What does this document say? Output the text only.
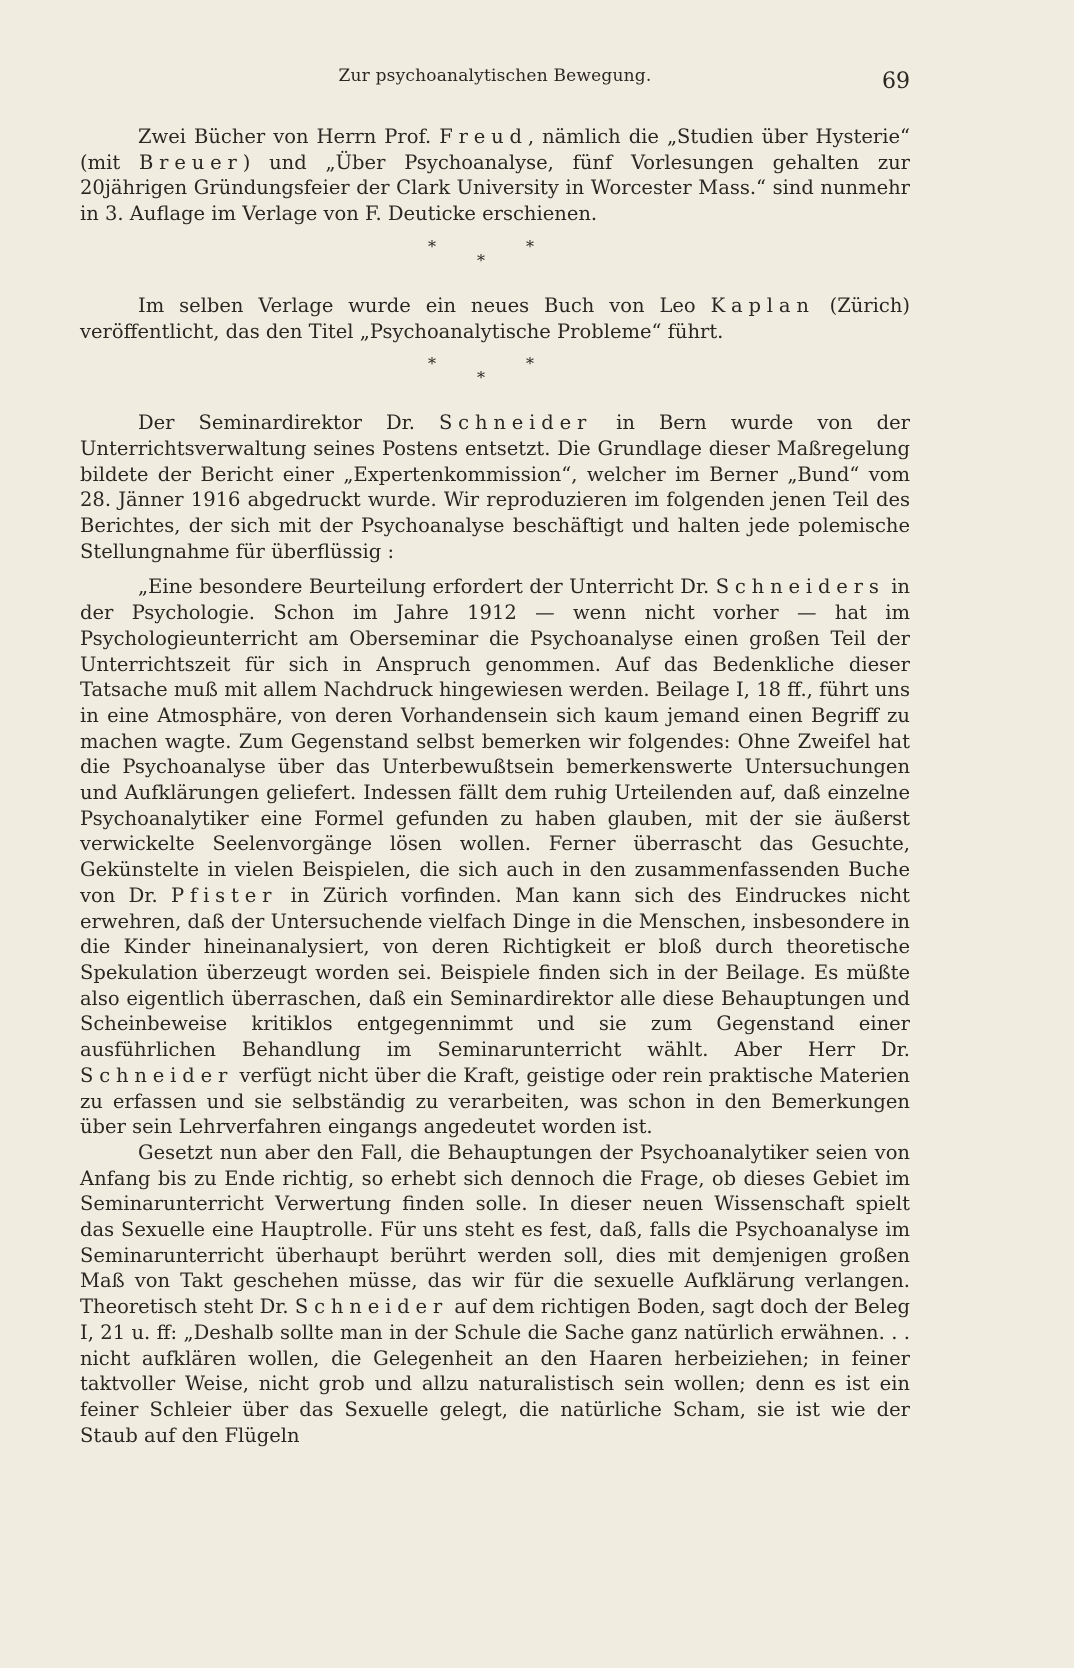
Zur psychoanalytischen Bewegung.	69

Zwei Bücher von Herrn Prof. Freud, nämlich die „Studien über Hysterie“ (mit Breuer) und „Über Psychoanalyse, fünf Vorlesungen gehalten zur 20jährigen Gründungsfeier der Clark University in Worcester Mass.“ sind nunmehr in 3. Auflage im Verlage von F. Deuticke erschienen.

*	*
*

Im selben Verlage wurde ein neues Buch von Leo Kaplan (Zürich) veröffentlicht, das den Titel „Psychoanalytische Probleme“ führt.

*	*
*

Der Seminardirektor Dr. Schneider in Bern wurde von der Unterrichtsverwaltung seines Postens entsetzt. Die Grundlage dieser Maßregelung bildete der Bericht einer „Expertenkommission“, welcher im Berner „Bund“ vom 28. Jänner 1916 abgedruckt wurde. Wir reproduzieren im folgenden jenen Teil des Berichtes, der sich mit der Psychoanalyse beschäftigt und halten jede polemische Stellungnahme für überflüssig :

„Eine besondere Beurteilung erfordert der Unterricht Dr. Schneiders in der Psychologie. Schon im Jahre 1912 — wenn nicht vorher — hat im Psychologieunterricht am Oberseminar die Psychoanalyse einen großen Teil der Unterrichtszeit für sich in Anspruch genommen. Auf das Bedenkliche dieser Tatsache muß mit allem Nachdruck hingewiesen werden. Beilage I, 18 ff., führt uns in eine Atmosphäre, von deren Vorhandensein sich kaum jemand einen Begriff zu machen wagte. Zum Gegenstand selbst bemerken wir folgendes: Ohne Zweifel hat die Psychoanalyse über das Unterbewußtsein bemerkenswerte Untersuchungen und Aufklärungen geliefert. Indessen fällt dem ruhig Urteilenden auf, daß einzelne Psychoanalytiker eine Formel gefunden zu haben glauben, mit der sie äußerst verwickelte Seelenvorgänge lösen wollen. Ferner überrascht das Gesuchte, Gekünstelte in vielen Beispielen, die sich auch in den zusammenfassenden Buche von Dr. Pfister in Zürich vorfinden. Man kann sich des Eindruckes nicht erwehren, daß der Untersuchende vielfach Dinge in die Menschen, insbesondere in die Kinder hineinanalysiert, von deren Richtigkeit er bloß durch theoretische Spekulation überzeugt worden sei. Beispiele finden sich in der Beilage. Es müßte also eigentlich überraschen, daß ein Seminardirektor alle diese Behauptungen und Scheinbeweise kritiklos entgegennimmt und sie zum Gegenstand einer ausführlichen Behandlung im Seminarunterricht wählt. Aber Herr Dr. Schneider verfügt nicht über die Kraft, geistige oder rein praktische Materien zu erfassen und sie selbständig zu verarbeiten, was schon in den Bemerkungen über sein Lehrverfahren eingangs angedeutet worden ist.

Gesetzt nun aber den Fall, die Behauptungen der Psychoanalytiker seien von Anfang bis zu Ende richtig, so erhebt sich dennoch die Frage, ob dieses Gebiet im Seminarunterricht Verwertung finden solle. In dieser neuen Wissenschaft spielt das Sexuelle eine Hauptrolle. Für uns steht es fest, daß, falls die Psychoanalyse im Seminarunterricht überhaupt berührt werden soll, dies mit demjenigen großen Maß von Takt geschehen müsse, das wir für die sexuelle Aufklärung verlangen. Theoretisch steht Dr. Schneider auf dem richtigen Boden, sagt doch der Beleg I, 21 u. ff: „Deshalb sollte man in der Schule die Sache ganz natürlich erwähnen. . . nicht aufklären wollen, die Gelegenheit an den Haaren herbeiziehen; in feiner taktvoller Weise, nicht grob und allzu naturalistisch sein wollen; denn es ist ein feiner Schleier über das Sexuelle gelegt, die natürliche Scham, sie ist wie der Staub auf den Flügeln
